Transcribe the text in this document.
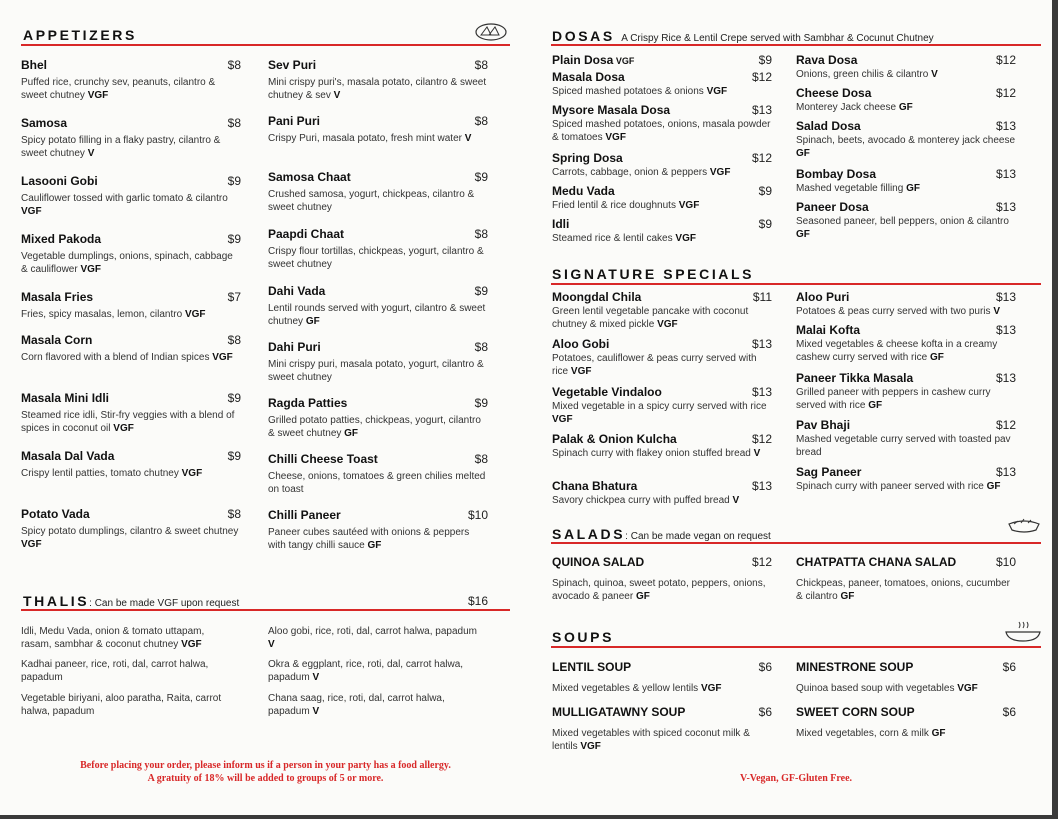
APPETIZERS
Bhel	$8
Puffed rice, crunchy sev, peanuts, cilantro & sweet chutney VGF
Samosa	$8
Spicy potato filling in a flaky pastry, cilantro & sweet chutney V
Lasooni Gobi	$9
Cauliflower tossed with garlic tomato & cilantro VGF
Mixed Pakoda	$9
Vegetable dumplings, onions, spinach, cabbage & cauliflower VGF
Masala Fries	$7
Fries, spicy masalas, lemon, cilantro VGF
Masala Corn	$8
Corn flavored with a blend of Indian spices VGF
Masala Mini Idli	$9
Steamed rice idli, Stir-fry veggies with a blend of spices in coconut oil VGF
Masala Dal Vada	$9
Crispy lentil patties, tomato chutney VGF
Potato Vada	$8
Spicy potato dumplings, cilantro & sweet chutney VGF
Sev Puri	$8
Mini crispy puri's, masala potato, cilantro & sweet chutney & sev V
Pani Puri	$8
Crispy Puri, masala potato, fresh mint water V
Samosa Chaat	$9
Crushed samosa, yogurt, chickpeas, cilantro & sweet chutney
Paapdi Chaat	$8
Crispy flour tortillas, chickpeas, yogurt, cilantro & sweet chutney
Dahi Vada	$9
Lentil rounds served with yogurt, cilantro & sweet chutney GF
Dahi Puri	$8
Mini crispy puri, masala potato, yogurt, cilantro & sweet chutney
Ragda Patties	$9
Grilled potato patties, chickpeas, yogurt, cilantro & sweet chutney GF
Chilli Cheese Toast	$8
Cheese, onions, tomatoes & green chilies melted on toast
Chilli Paneer	$10
Paneer cubes sautéed with onions & peppers with tangy chilli sauce GF
THALIS: Can be made VGF upon request	$16
Idli, Medu Vada, onion & tomato uttapam, rasam, sambhar & coconut chutney VGF
Kadhai paneer, rice, roti, dal, carrot halwa, papadum
Vegetable biriyani, aloo paratha, Raita, carrot halwa, papadum
Aloo gobi, rice, roti, dal, carrot halwa, papadum V
Okra & eggplant, rice, roti, dal, carrot halwa, papadum V
Chana saag, rice, roti, dal, carrot halwa, papadum V
Before placing your order, please inform us if a person in your party has a food allergy.
A gratuity of 18% will be added to groups of 5 or more.
DOSAS A Crispy Rice & Lentil Crepe served with Sambhar & Cocunut Chutney
Plain Dosa VGF	$9
Masala Dosa	$12
Spiced mashed potatoes & onions VGF
Mysore Masala Dosa	$13
Spiced mashed potatoes, onions, masala powder & tomatoes VGF
Spring Dosa	$12
Carrots, cabbage, onion & peppers VGF
Medu Vada	$9
Fried lentil & rice doughnuts VGF
Idli	$9
Steamed rice & lentil cakes VGF
Rava Dosa	$12
Onions, green chilis & cilantro V
Cheese Dosa	$12
Monterey Jack cheese GF
Salad Dosa	$13
Spinach, beets, avocado & monterey jack cheese GF
Bombay Dosa	$13
Mashed vegetable filling GF
Paneer Dosa	$13
Seasoned paneer, bell peppers, onion & cilantro GF
SIGNATURE SPECIALS
Moongdal Chila	$11
Green lentil vegetable pancake with coconut chutney & mixed pickle VGF
Aloo Gobi	$13
Potatoes, cauliflower & peas curry served with rice VGF
Vegetable Vindaloo	$13
Mixed vegetable in a spicy curry served with rice VGF
Palak & Onion Kulcha	$12
Spinach curry with flakey onion stuffed bread V
Chana Bhatura	$13
Savory chickpea curry with puffed bread V
Aloo Puri	$13
Potatoes & peas curry served with two puris V
Malai Kofta	$13
Mixed vegetables & cheese kofta in a creamy cashew curry served with rice GF
Paneer Tikka Masala	$13
Grilled paneer with peppers in cashew curry served with rice GF
Pav Bhaji	$12
Mashed vegetable curry served with toasted pav bread
Sag Paneer	$13
Spinach curry with paneer served with rice GF
SALADS: Can be made vegan on request
QUINOA SALAD	$12
Spinach, quinoa, sweet potato, peppers, onions, avocado & paneer GF
CHATPATTA CHANA SALAD	$10
Chickpeas, paneer, tomatoes, onions, cucumber & cilantro GF
SOUPS
LENTIL SOUP	$6
Mixed vegetables & yellow lentils VGF
MULLIGATAWNY SOUP	$6
Mixed vegetables with spiced coconut milk & lentils VGF
MINESTRONE SOUP	$6
Quinoa based soup with vegetables VGF
SWEET CORN SOUP	$6
Mixed vegetables, corn & milk GF
V-Vegan, GF-Gluten Free.
